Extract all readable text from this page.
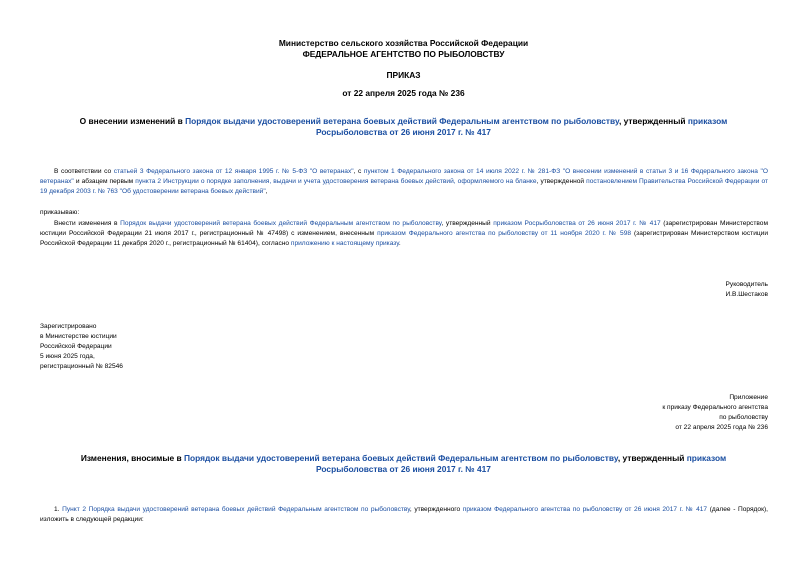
Министерство сельского хозяйства Российской Федерации
ФЕДЕРАЛЬНОЕ АГЕНТСТВО ПО РЫБОЛОВСТВУ
ПРИКАЗ
от 22 апреля 2025 года № 236
О внесении изменений в Порядок выдачи удостоверений ветерана боевых действий Федеральным агентством по рыболовству, утвержденный приказом
Росрыболовства от 26 июня 2017 г. № 417
В соответствии со статьей 3 Федерального закона от 12 января 1995 г. № 5-ФЗ "О ветеранах", с пунктом 1 Федерального закона от 14 июля 2022 г. № 281-ФЗ "О внесении изменений в статьи 3 и 16 Федерального закона "О ветеранах" и абзацем первым пункта 2 Инструкции о порядке заполнения, выдачи и учета удостоверения ветерана боевых действий, оформляемого на бланке, утвержденной постановлением Правительства Российской Федерации от 19 декабря 2003 г. № 763 "Об удостоверении ветерана боевых действий",
приказываю:
Внести изменения в Порядок выдачи удостоверений ветерана боевых действий Федеральным агентством по рыболовству, утвержденный приказом Росрыболовства от 26 июня 2017 г. № 417 (зарегистрирован Министерством юстиции Российской Федерации 21 июля 2017 г., регистрационный № 47498) с изменением, внесенным приказом Федерального агентства по рыболовству от 11 ноября 2020 г. № 598 (зарегистрирован Министерством юстиции Российской Федерации 11 декабря 2020 г., регистрационный № 61404), согласно приложению к настоящему приказу.
Руководитель
И.В.Шестаков
Зарегистрировано
в Министерстве юстиции
Российской Федерации
5 июня 2025 года,
регистрационный № 82546
Приложение
к приказу Федерального агентства
по рыболовству
от 22 апреля 2025 года № 236
Изменения, вносимые в Порядок выдачи удостоверений ветерана боевых действий Федеральным агентством по рыболовству, утвержденный приказом
Росрыболовства от 26 июня 2017 г. № 417
1. Пункт 2 Порядка выдачи удостоверений ветерана боевых действий Федеральным агентством по рыболовству, утвержденного приказом Федерального агентства по рыболовству от 26 июня 2017 г. № 417 (далее - Порядок), изложить в следующей редакции:
